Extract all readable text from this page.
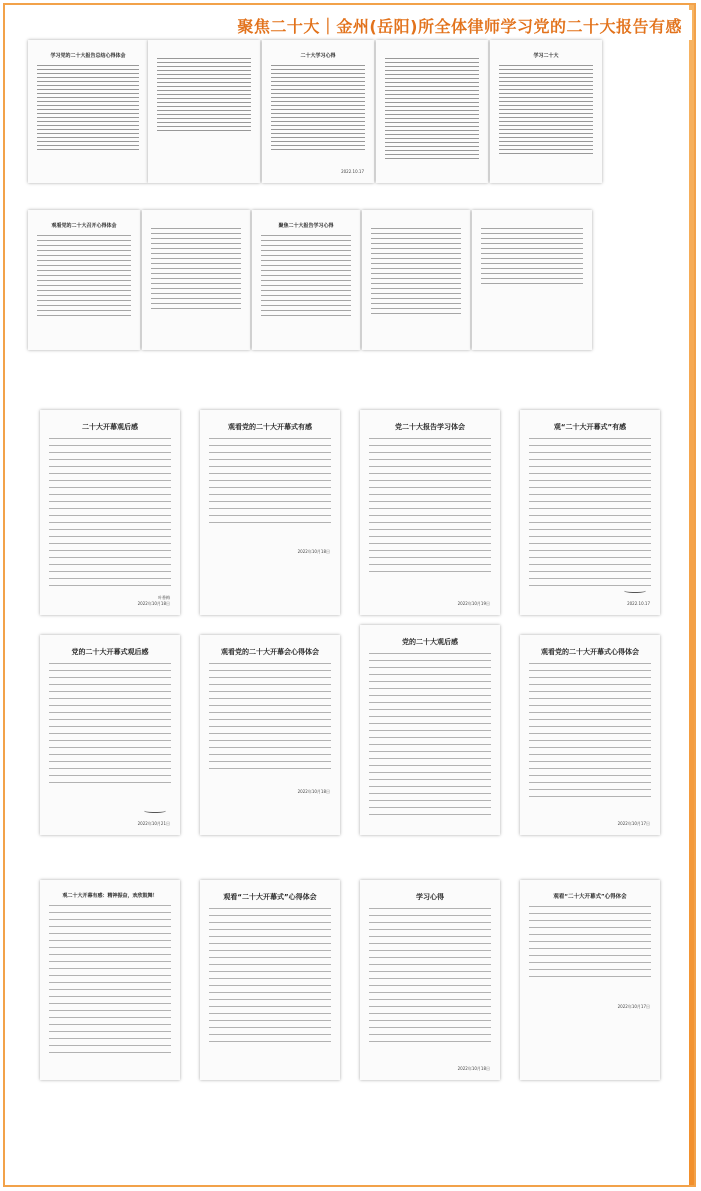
聚焦二十大｜金州(岳阳)所全体律师学习党的二十大报告有感
学习党的二十大报告总结心得体会	二十大学习心得
2022.10.17
学习二十大
观看党的二十大召开心得体会	聚焦二十大报告学习心得
二十大开幕观后感
叶香梅
2022年10月18日
观看党的二十大开幕式有感
2022年10月18日
党二十大报告学习体会
2022年10月19日
观“二十大开幕式”有感
2022.10.17
党的二十大开幕式观后感
2022年10月21日
观看党的二十大开幕会心得体会
2022年10月18日
党的二十大观后感
观看党的二十大开幕式心得体会
2022年10月17日
观二十大开幕有感：精神振奋，欢欣鼓舞！	观看“二十大开幕式”心得体会	学习心得
2022年10月18日
观看“二十大开幕式”心得体会
2022年10月17日
